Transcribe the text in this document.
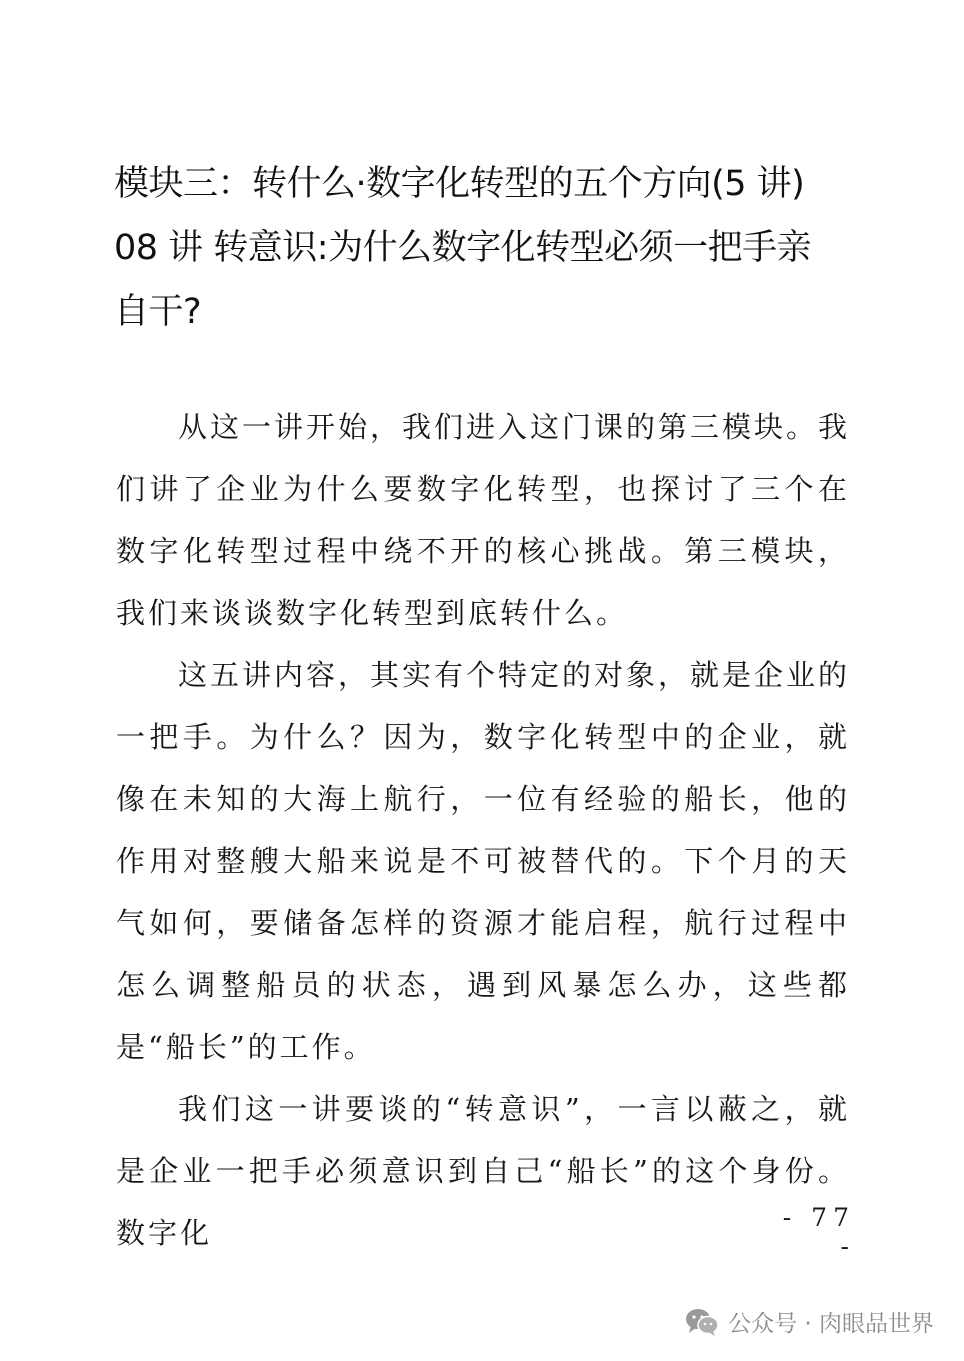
模块三：转什么·数字化转型的五个方向(5 讲)
08 讲 转意识:为什么数字化转型必须一把手亲
自干?

从这一讲开始，我们进入这门课的第三模块。我们讲了企业为什么要数字化转型，也探讨了三个在数字化转型过程中绕不开的核心挑战。第三模块，我们来谈谈数字化转型到底转什么。

这五讲内容，其实有个特定的对象，就是企业的一把手。为什么？因为，数字化转型中的企业，就像在未知的大海上航行，一位有经验的船长，他的作用对整艘大船来说是不可被替代的。下个月的天气如何，要储备怎样的资源才能启程，航行过程中怎么调整船员的状态，遇到风暴怎么办，这些都是“船长”的工作。

我们这一讲要谈的“转意识”，一言以蔽之，就是企业一把手必须意识到自己“船长”的这个身份。数字化	- 77 -
公众号 · 肉眼品世界
